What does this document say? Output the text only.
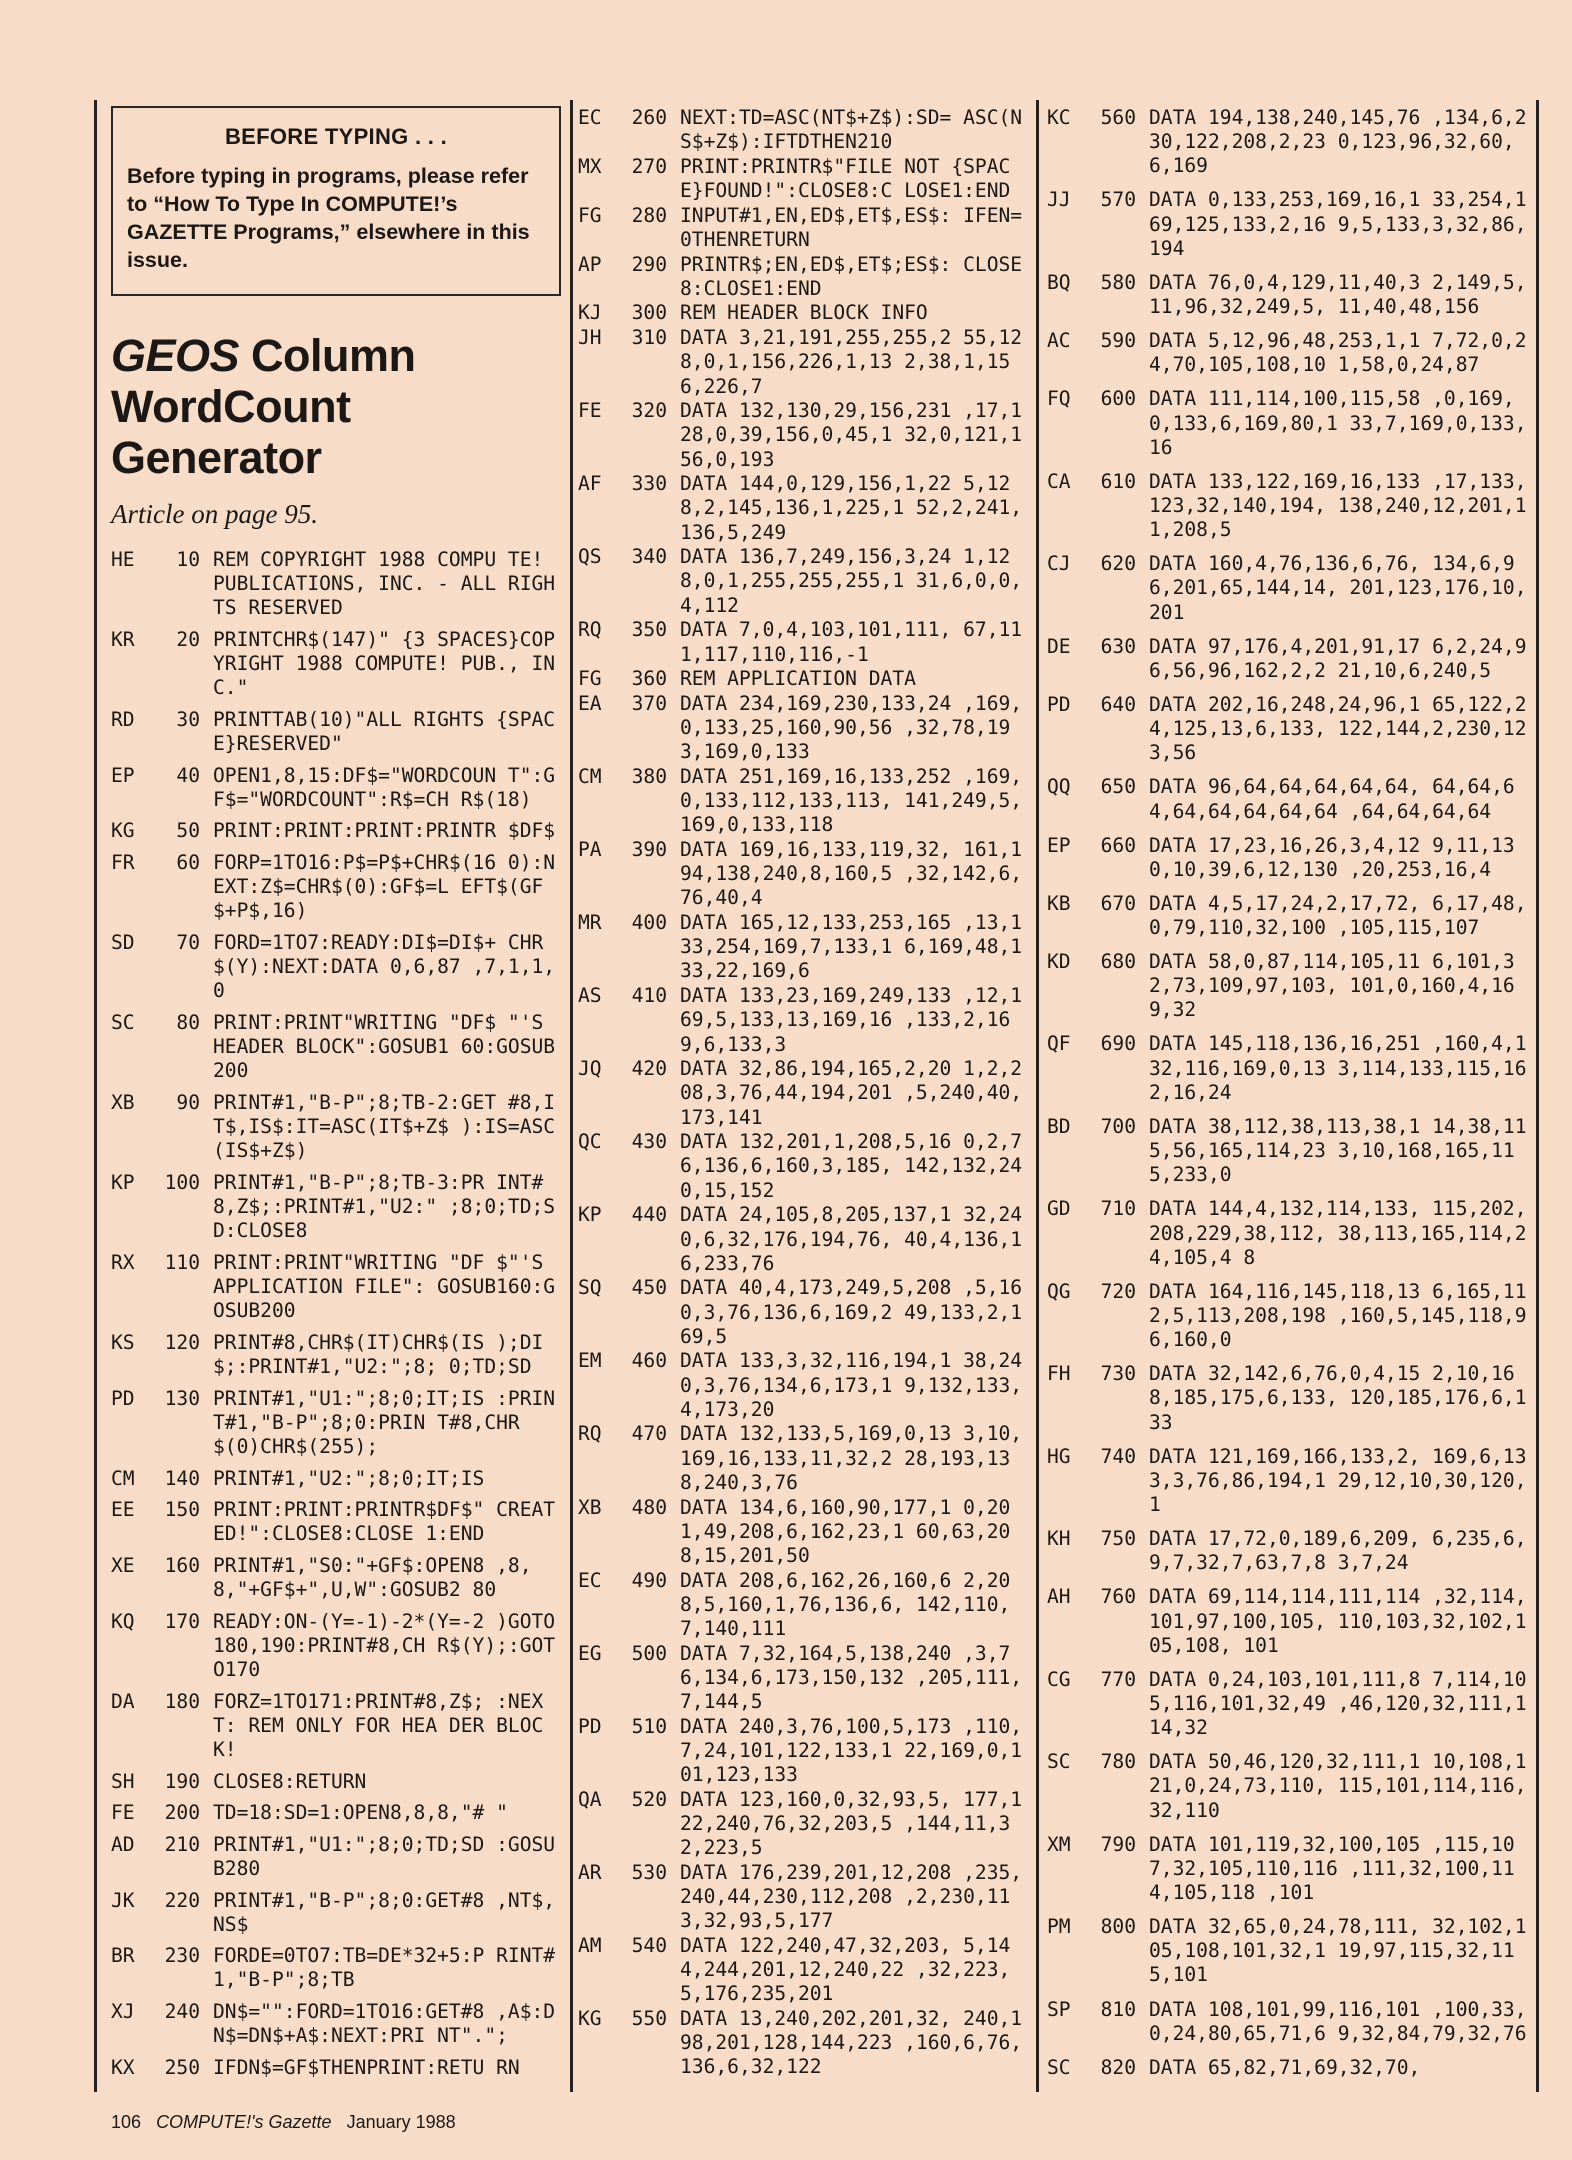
BEFORE TYPING . . .
Before typing in programs, please refer to “How To Type In COMPUTE!’s GAZETTE Programs,” elsewhere in this issue.
GEOS Column WordCount Generator
Article on page 95.
HE	10 REM COPYRIGHT 1988 COMPU TE! PUBLICATIONS, INC. - ALL RIGHTS RESERVED
KR	20 PRINTCHR$(147)" {3 SPACES}COPYRIGHT 1988 COMPUTE! PUB., INC."
RD	30 PRINTTAB(10)"ALL RIGHTS {SPACE}RESERVED"
EP	40 OPEN1,8,15:DF$="WORDCOUN T":GF$="WORDCOUNT":R$=CH R$(18)
KG	50 PRINT:PRINT:PRINT:PRINTR $DF$
FR	60 FORP=1TO16:P$=P$+CHR$(16 0):NEXT:Z$=CHR$(0):GF$=L EFT$(GF$+P$,16)
SD	70 FORD=1TO7:READY:DI$=DI$+ CHR$(Y):NEXT:DATA 0,6,87 ,7,1,1,0
SC	80 PRINT:PRINT"WRITING "DF$ "'S HEADER BLOCK":GOSUB1 60:GOSUB200
XB	90 PRINT#1,"B-P";8;TB-2:GET #8,IT$,IS$:IT=ASC(IT$+Z$ ):IS=ASC(IS$+Z$)
KP	100 PRINT#1,"B-P";8;TB-3:PR INT#8,Z$;:PRINT#1,"U2:" ;8;0;TD;SD:CLOSE8
RX	110 PRINT:PRINT"WRITING "DF $"'S APPLICATION FILE": GOSUB160:GOSUB200
KS	120 PRINT#8,CHR$(IT)CHR$(IS );DI$;:PRINT#1,"U2:";8; 0;TD;SD
PD	130 PRINT#1,"U1:";8;0;IT;IS :PRINT#1,"B-P";8;0:PRIN T#8,CHR$(0)CHR$(255);
CM	140 PRINT#1,"U2:";8;0;IT;IS
EE	150 PRINT:PRINT:PRINTR$DF$" CREATED!":CLOSE8:CLOSE 1:END
XE	160 PRINT#1,"S0:"+GF$:OPEN8 ,8,8,"+GF$+",U,W":GOSUB2 80
KQ	170 READY:ON-(Y=-1)-2*(Y=-2 )GOTO180,190:PRINT#8,CH R$(Y);:GOTO170
DA	180 FORZ=1TO171:PRINT#8,Z$; :NEXT: REM ONLY FOR HEA DER BLOCK!
SH	190 CLOSE8:RETURN
FE	200 TD=18:SD=1:OPEN8,8,8,"# "
AD	210 PRINT#1,"U1:";8;0;TD;SD :GOSUB280
JK	220 PRINT#1,"B-P";8;0:GET#8 ,NT$,NS$
BR	230 FORDE=0TO7:TB=DE*32+5:P RINT#1,"B-P";8;TB
XJ	240 DN$="":FORD=1TO16:GET#8 ,A$:DN$=DN$+A$:NEXT:PRI NT".";
KX	250 IFDN$=GF$THENPRINT:RETU RN
EC	260 NEXT:TD=ASC(NT$+Z$):SD= ASC(NS$+Z$):IFTDTHEN210
MX	270 PRINT:PRINTR$"FILE NOT {SPACE}FOUND!":CLOSE8:C LOSE1:END
FG	280 INPUT#1,EN,ED$,ET$,ES$: IFEN=0THENRETURN
AP	290 PRINTR$;EN,ED$,ET$;ES$: CLOSE8:CLOSE1:END
KJ	300 REM HEADER BLOCK INFO
JH	310 DATA 3,21,191,255,255,2 55,128,0,1,156,226,1,13 2,38,1,156,226,7
FE	320 DATA 132,130,29,156,231 ,17,128,0,39,156,0,45,1 32,0,121,156,0,193
AF	330 DATA 144,0,129,156,1,22 5,128,2,145,136,1,225,1 52,2,241,136,5,249
QS	340 DATA 136,7,249,156,3,24 1,128,0,1,255,255,255,1 31,6,0,0,4,112
RQ	350 DATA 7,0,4,103,101,111, 67,111,117,110,116,-1
FG	360 REM APPLICATION DATA
EA	370 DATA 234,169,230,133,24 ,169,0,133,25,160,90,56 ,32,78,193,169,0,133
CM	380 DATA 251,169,16,133,252 ,169,0,133,112,133,113, 141,249,5,169,0,133,118
PA	390 DATA 169,16,133,119,32, 161,194,138,240,8,160,5 ,32,142,6,76,40,4
MR	400 DATA 165,12,133,253,165 ,13,133,254,169,7,133,1 6,169,48,133,22,169,6
AS	410 DATA 133,23,169,249,133 ,12,169,5,133,13,169,16 ,133,2,169,6,133,3
JQ	420 DATA 32,86,194,165,2,20 1,2,208,3,76,44,194,201 ,5,240,40,173,141
QC	430 DATA 132,201,1,208,5,16 0,2,76,136,6,160,3,185, 142,132,240,15,152
KP	440 DATA 24,105,8,205,137,1 32,240,6,32,176,194,76, 40,4,136,16,233,76
SQ	450 DATA 40,4,173,249,5,208 ,5,160,3,76,136,6,169,2 49,133,2,169,5
EM	460 DATA 133,3,32,116,194,1 38,240,3,76,134,6,173,1 9,132,133,4,173,20
RQ	470 DATA 132,133,5,169,0,13 3,10,169,16,133,11,32,2 28,193,138,240,3,76
XB	480 DATA 134,6,160,90,177,1 0,201,49,208,6,162,23,1 60,63,208,15,201,50
EC	490 DATA 208,6,162,26,160,6 2,208,5,160,1,76,136,6, 142,110,7,140,111
EG	500 DATA 7,32,164,5,138,240 ,3,76,134,6,173,150,132 ,205,111,7,144,5
PD	510 DATA 240,3,76,100,5,173 ,110,7,24,101,122,133,1 22,169,0,101,123,133
QA	520 DATA 123,160,0,32,93,5, 177,122,240,76,32,203,5 ,144,11,32,223,5
AR	530 DATA 176,239,201,12,208 ,235,240,44,230,112,208 ,2,230,113,32,93,5,177
AM	540 DATA 122,240,47,32,203, 5,144,244,201,12,240,22 ,32,223,5,176,235,201
KG	550 DATA 13,240,202,201,32, 240,198,201,128,144,223 ,160,6,76,136,6,32,122
KC	560 DATA 194,138,240,145,76 ,134,6,230,122,208,2,23 0,123,96,32,60,6,169
JJ	570 DATA 0,133,253,169,16,1 33,254,169,125,133,2,16 9,5,133,3,32,86,194
BQ	580 DATA 76,0,4,129,11,40,3 2,149,5,11,96,32,249,5, 11,40,48,156
AC	590 DATA 5,12,96,48,253,1,1 7,72,0,24,70,105,108,10 1,58,0,24,87
FQ	600 DATA 111,114,100,115,58 ,0,169,0,133,6,169,80,1 33,7,169,0,133,16
CA	610 DATA 133,122,169,16,133 ,17,133,123,32,140,194, 138,240,12,201,11,208,5
CJ	620 DATA 160,4,76,136,6,76, 134,6,96,201,65,144,14, 201,123,176,10,201
DE	630 DATA 97,176,4,201,91,17 6,2,24,96,56,96,162,2,2 21,10,6,240,5
PD	640 DATA 202,16,248,24,96,1 65,122,24,125,13,6,133, 122,144,2,230,123,56
QQ	650 DATA 96,64,64,64,64,64, 64,64,64,64,64,64,64,64 ,64,64,64,64
EP	660 DATA 17,23,16,26,3,4,12 9,11,130,10,39,6,12,130 ,20,253,16,4
KB	670 DATA 4,5,17,24,2,17,72, 6,17,48,0,79,110,32,100 ,105,115,107
KD	680 DATA 58,0,87,114,105,11 6,101,32,73,109,97,103, 101,0,160,4,169,32
QF	690 DATA 145,118,136,16,251 ,160,4,132,116,169,0,13 3,114,133,115,162,16,24
BD	700 DATA 38,112,38,113,38,1 14,38,115,56,165,114,23 3,10,168,165,115,233,0
GD	710 DATA 144,4,132,114,133, 115,202,208,229,38,112, 38,113,165,114,24,105,4 8
QG	720 DATA 164,116,145,118,13 6,165,112,5,113,208,198 ,160,5,145,118,96,160,0
FH	730 DATA 32,142,6,76,0,4,15 2,10,168,185,175,6,133, 120,185,176,6,133
HG	740 DATA 121,169,166,133,2, 169,6,133,3,76,86,194,1 29,12,10,30,120,1
KH	750 DATA 17,72,0,189,6,209, 6,235,6,9,7,32,7,63,7,8 3,7,24
AH	760 DATA 69,114,114,111,114 ,32,114,101,97,100,105, 110,103,32,102,105,108, 101
CG	770 DATA 0,24,103,101,111,8 7,114,105,116,101,32,49 ,46,120,32,111,114,32
SC	780 DATA 50,46,120,32,111,1 10,108,121,0,24,73,110, 115,101,114,116,32,110
XM	790 DATA 101,119,32,100,105 ,115,107,32,105,110,116 ,111,32,100,114,105,118 ,101
PM	800 DATA 32,65,0,24,78,111, 32,102,105,108,101,32,1 19,97,115,32,115,101
SP	810 DATA 108,101,99,116,101 ,100,33,0,24,80,65,71,6 9,32,84,79,32,76
SC	820 DATA 65,82,71,69,32,70,
106 COMPUTE!'s Gazette January 1988
